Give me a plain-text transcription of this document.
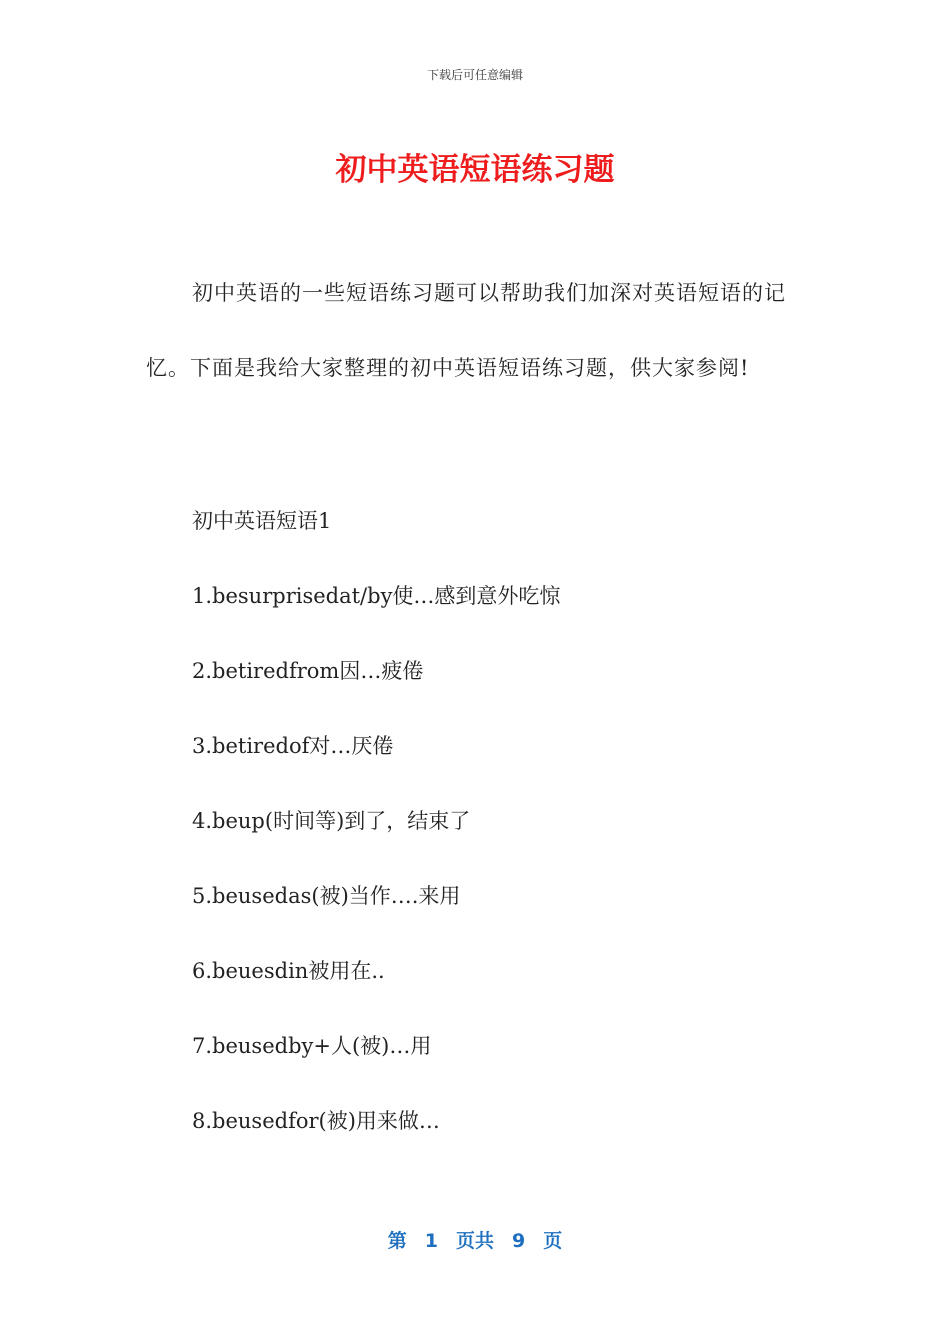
下载后可任意编辑
初中英语短语练习题
初中英语的一些短语练习题可以帮助我们加深对英语短语的记忆。下面是我给大家整理的初中英语短语练习题，供大家参阅!
初中英语短语1
1.besurprisedat/by使…感到意外吃惊
2.betiredfrom因…疲倦
3.betiredof对…厌倦
4.beup(时间等)到了，结束了
5.beusedas(被)当作….来用
6.beuesdin被用在..
7.beusedby+人(被)…用
8.beusedfor(被)用来做…
第 1 页共 9 页
